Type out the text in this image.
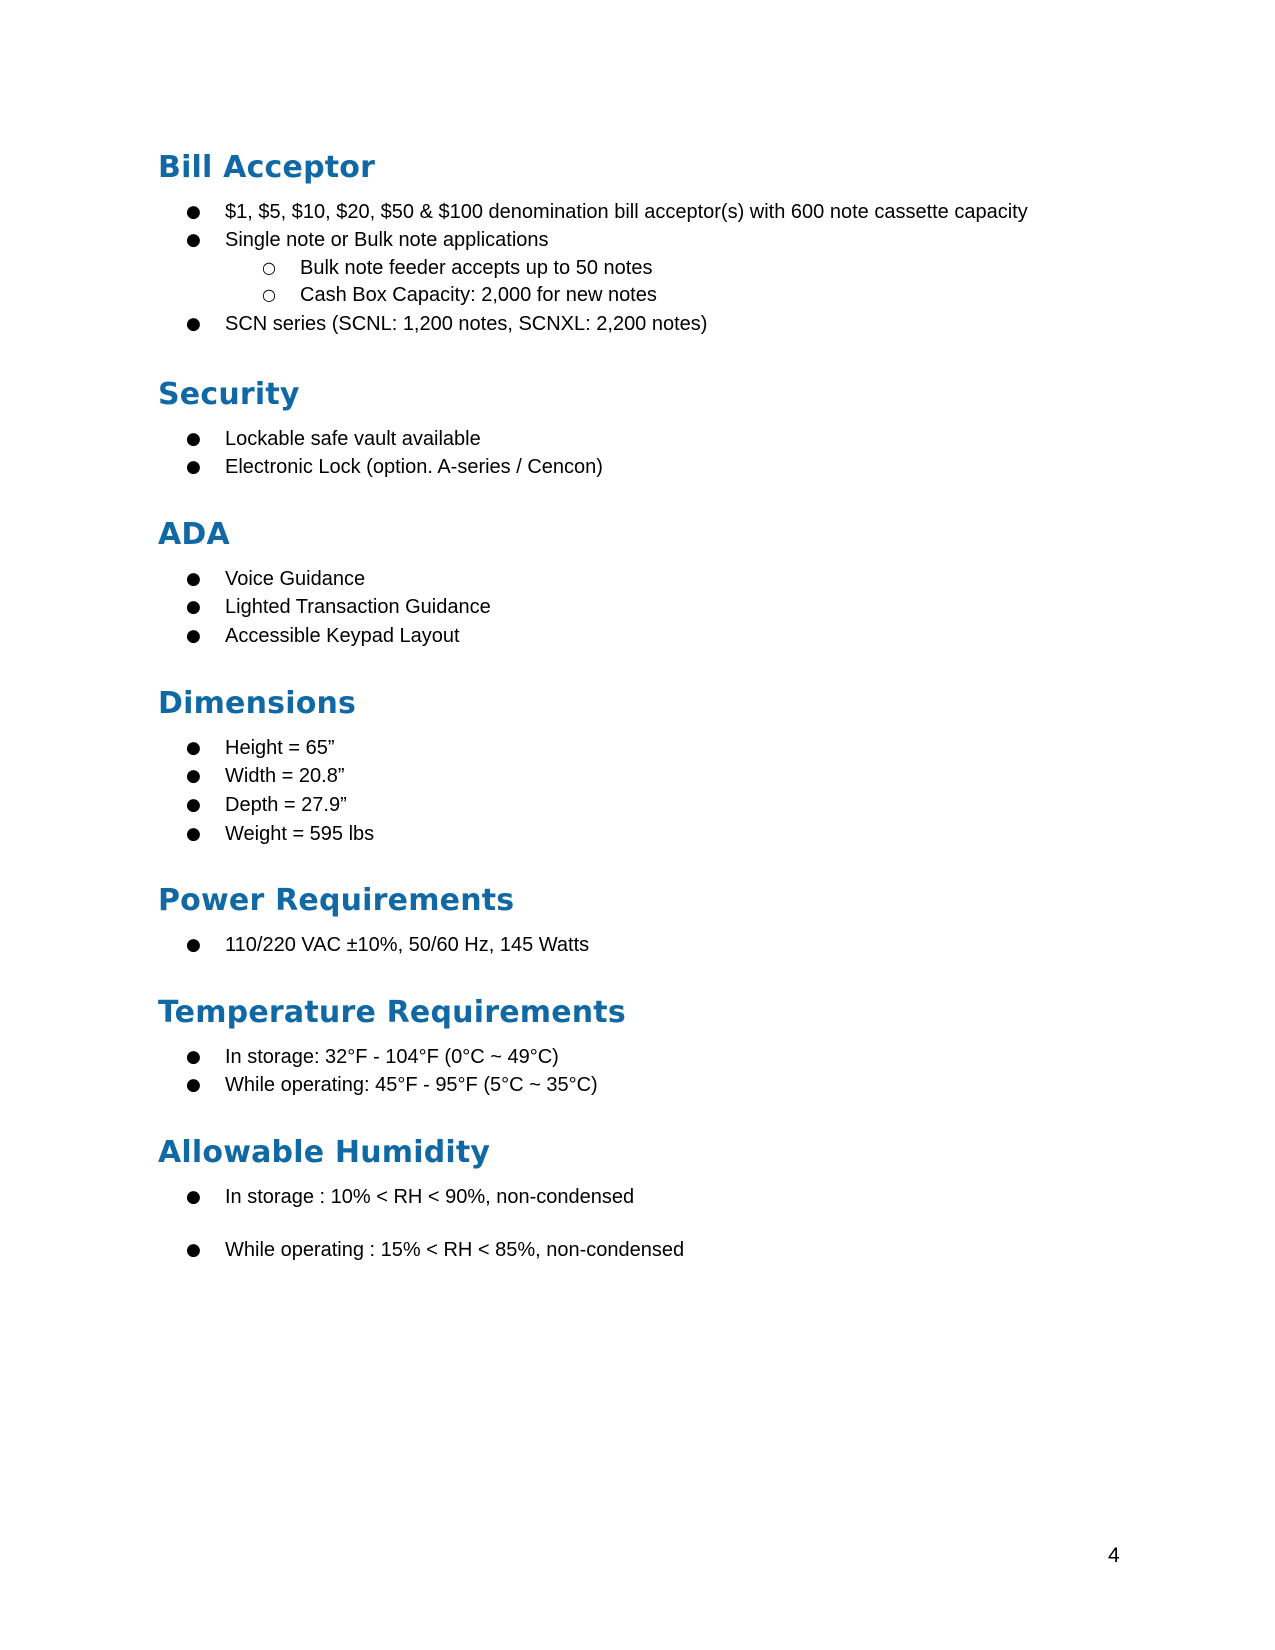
Bill Acceptor
● $1, $5, $10, $20, $50 & $100 denomination bill acceptor(s) with 600 note cassette capacity
● Single note or Bulk note applications
○ Bulk note feeder accepts up to 50 notes
○ Cash Box Capacity: 2,000 for new notes
● SCN series (SCNL: 1,200 notes, SCNXL: 2,200 notes)
Security
● Lockable safe vault available
● Electronic Lock (option. A-series / Cencon)
ADA
● Voice Guidance
● Lighted Transaction Guidance
● Accessible Keypad Layout
Dimensions
● Height = 65”
● Width = 20.8”
● Depth = 27.9”
● Weight = 595 lbs
Power Requirements
● 110/220 VAC ±10%, 50/60 Hz, 145 Watts
Temperature Requirements
● In storage: 32°F - 104°F (0°C ~ 49°C)
● While operating: 45°F - 95°F (5°C ~ 35°C)
Allowable Humidity
● In storage : 10% < RH < 90%, non-condensed
● While operating : 15% < RH < 85%, non-condensed
4
